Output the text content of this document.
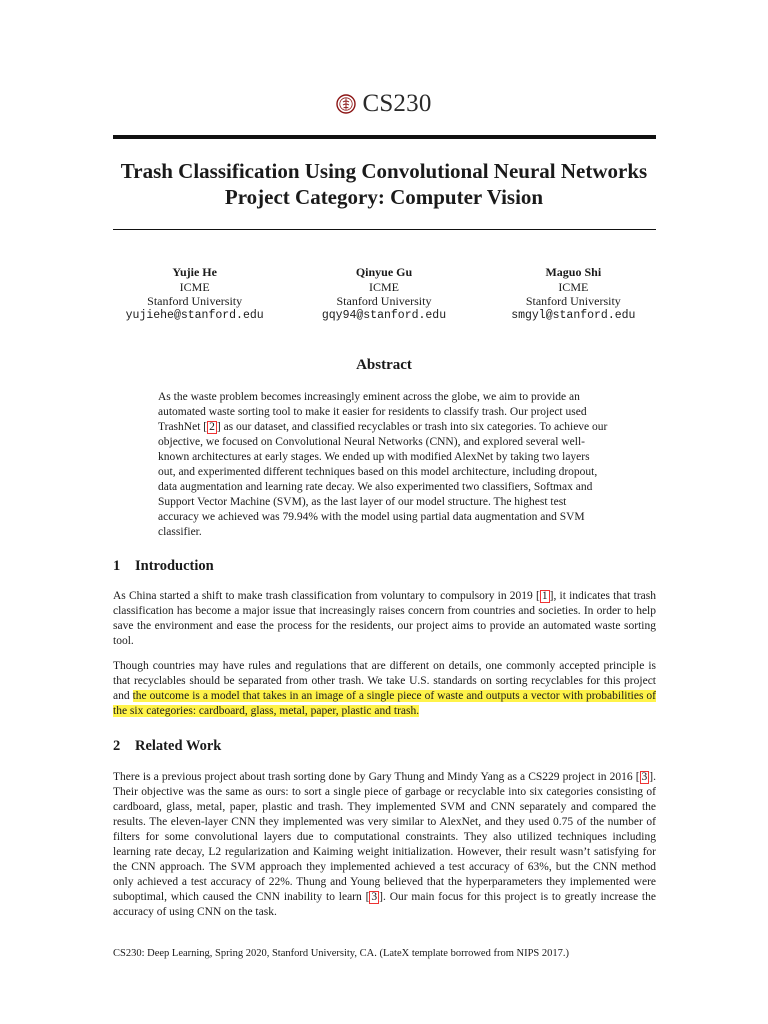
CS230
Trash Classification Using Convolutional Neural Networks
Project Category: Computer Vision
Yujie He
ICME
Stanford University
yujiehe@stanford.edu
Qinyue Gu
ICME
Stanford University
gqy94@stanford.edu
Maguo Shi
ICME
Stanford University
smgyl@stanford.edu
Abstract
As the waste problem becomes increasingly eminent across the globe, we aim to provide an automated waste sorting tool to make it easier for residents to classify trash. Our project used TrashNet [ 2 ] as our dataset, and classified recyclables or trash into six categories. To achieve our objective, we focused on Convolutional Neural Networks (CNN), and explored several well-known architectures at early stages. We ended up with modified AlexNet by taking two layers out, and experimented different techniques based on this model architecture, including dropout, data augmentation and learning rate decay. We also experimented two classifiers, Softmax and Support Vector Machine (SVM), as the last layer of our model structure. The highest test accuracy we achieved was 79.94% with the model using partial data augmentation and SVM classifier.
1 Introduction
As China started a shift to make trash classification from voluntary to compulsory in 2019 [ 1 ], it indicates that trash classification has become a major issue that increasingly raises concern from countries and societies. In order to help save the environment and ease the process for the residents, our project aims to provide an automated waste sorting tool.
Though countries may have rules and regulations that are different on details, one commonly accepted principle is that recyclables should be separated from other trash. We take U.S. standards on sorting recyclables for this project and the outcome is a model that takes in an image of a single piece of waste and outputs a vector with probabilities of the six categories: cardboard, glass, metal, paper, plastic and trash.
2 Related Work
There is a previous project about trash sorting done by Gary Thung and Mindy Yang as a CS229 project in 2016 [ 3 ]. Their objective was the same as ours: to sort a single piece of garbage or recyclable into six categories consisting of cardboard, glass, metal, paper, plastic and trash. They implemented SVM and CNN separately and compared the results. The eleven-layer CNN they implemented was very similar to AlexNet, and they used 0.75 of the number of filters for some convolutional layers due to computational constraints. They also utilized techniques including learning rate decay, L2 regularization and Kaiming weight initialization. However, their result wasn’t satisfying for the CNN approach. The SVM approach they implemented achieved a test accuracy of 63%, but the CNN method only achieved a test accuracy of 22%. Thung and Young believed that the hyperparameters they implemented were suboptimal, which caused the CNN inability to learn [ 3 ]. Our main focus for this project is to greatly increase the accuracy of using CNN on the task.
CS230: Deep Learning, Spring 2020, Stanford University, CA. (LateX template borrowed from NIPS 2017.)
